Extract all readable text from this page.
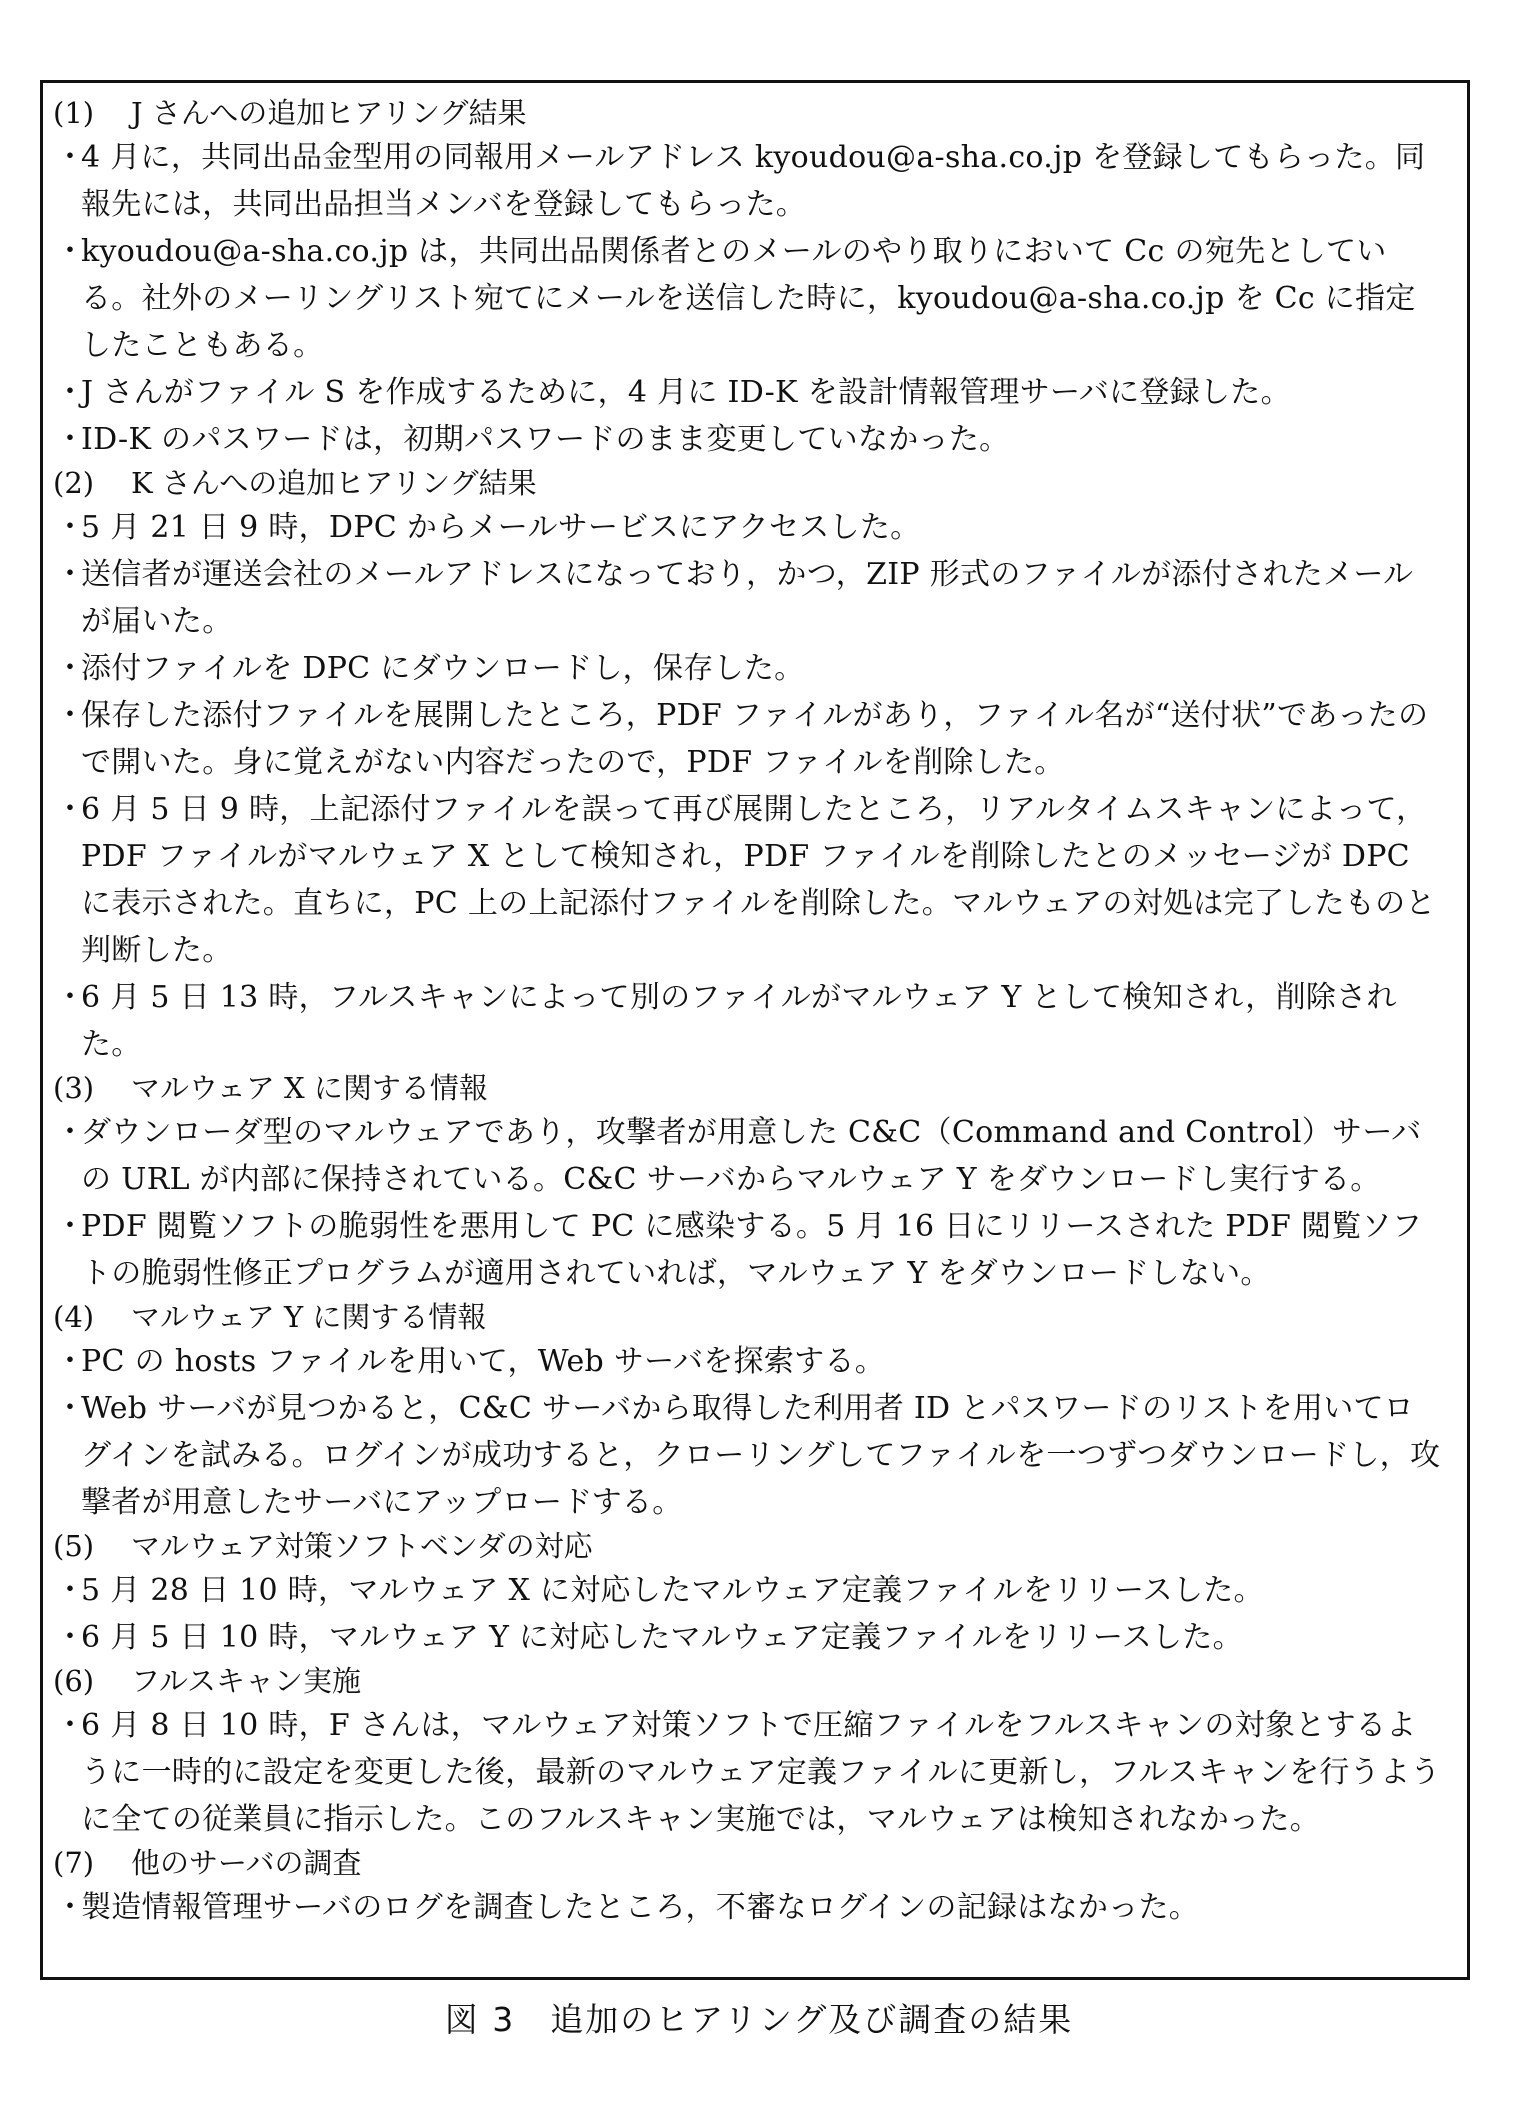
(1) J さんへの追加ヒアリング結果
・
4 月に，共同出品金型用の同報用メールアドレス kyoudou@a-sha.co.jp を登録してもらった。同報先には，共同出品担当メンバを登録してもらった。
・
kyoudou@a-sha.co.jp は，共同出品関係者とのメールのやり取りにおいて Cc の宛先としている。社外のメーリングリスト宛てにメールを送信した時に，kyoudou@a-sha.co.jp を Cc に指定したこともある。
・
J さんがファイル S を作成するために，4 月に ID-K を設計情報管理サーバに登録した。
・
ID-K のパスワードは，初期パスワードのまま変更していなかった。
(2) K さんへの追加ヒアリング結果
・
5 月 21 日 9 時，DPC からメールサービスにアクセスした。
・
送信者が運送会社のメールアドレスになっており，かつ，ZIP 形式のファイルが添付されたメールが届いた。
・
添付ファイルを DPC にダウンロードし，保存した。
・
保存した添付ファイルを展開したところ，PDF ファイルがあり，ファイル名が“送付状”であったので開いた。身に覚えがない内容だったので，PDF ファイルを削除した。
・
6 月 5 日 9 時，上記添付ファイルを誤って再び展開したところ，リアルタイムスキャンによって，PDF ファイルがマルウェア X として検知され，PDF ファイルを削除したとのメッセージが DPC に表示された。直ちに，PC 上の上記添付ファイルを削除した。マルウェアの対処は完了したものと判断した。
・
6 月 5 日 13 時，フルスキャンによって別のファイルがマルウェア Y として検知され，削除された。
(3) マルウェア X に関する情報
・
ダウンローダ型のマルウェアであり，攻撃者が用意した C&C（Command and Control）サーバの URL が内部に保持されている。C&C サーバからマルウェア Y をダウンロードし実行する。
・
PDF 閲覧ソフトの脆弱性を悪用して PC に感染する。5 月 16 日にリリースされた PDF 閲覧ソフトの脆弱性修正プログラムが適用されていれば，マルウェア Y をダウンロードしない。
(4) マルウェア Y に関する情報
・
PC の hosts ファイルを用いて，Web サーバを探索する。
・
Web サーバが見つかると，C&C サーバから取得した利用者 ID とパスワードのリストを用いてログインを試みる。ログインが成功すると，クローリングしてファイルを一つずつダウンロードし，攻撃者が用意したサーバにアップロードする。
(5) マルウェア対策ソフトベンダの対応
・
5 月 28 日 10 時，マルウェア X に対応したマルウェア定義ファイルをリリースした。
・
6 月 5 日 10 時，マルウェア Y に対応したマルウェア定義ファイルをリリースした。
(6) フルスキャン実施
・
6 月 8 日 10 時，F さんは，マルウェア対策ソフトで圧縮ファイルをフルスキャンの対象とするように一時的に設定を変更した後，最新のマルウェア定義ファイルに更新し，フルスキャンを行うように全ての従業員に指示した。このフルスキャン実施では，マルウェアは検知されなかった。
(7) 他のサーバの調査
・
製造情報管理サーバのログを調査したところ，不審なログインの記録はなかった。
図 3　追加のヒアリング及び調査の結果
